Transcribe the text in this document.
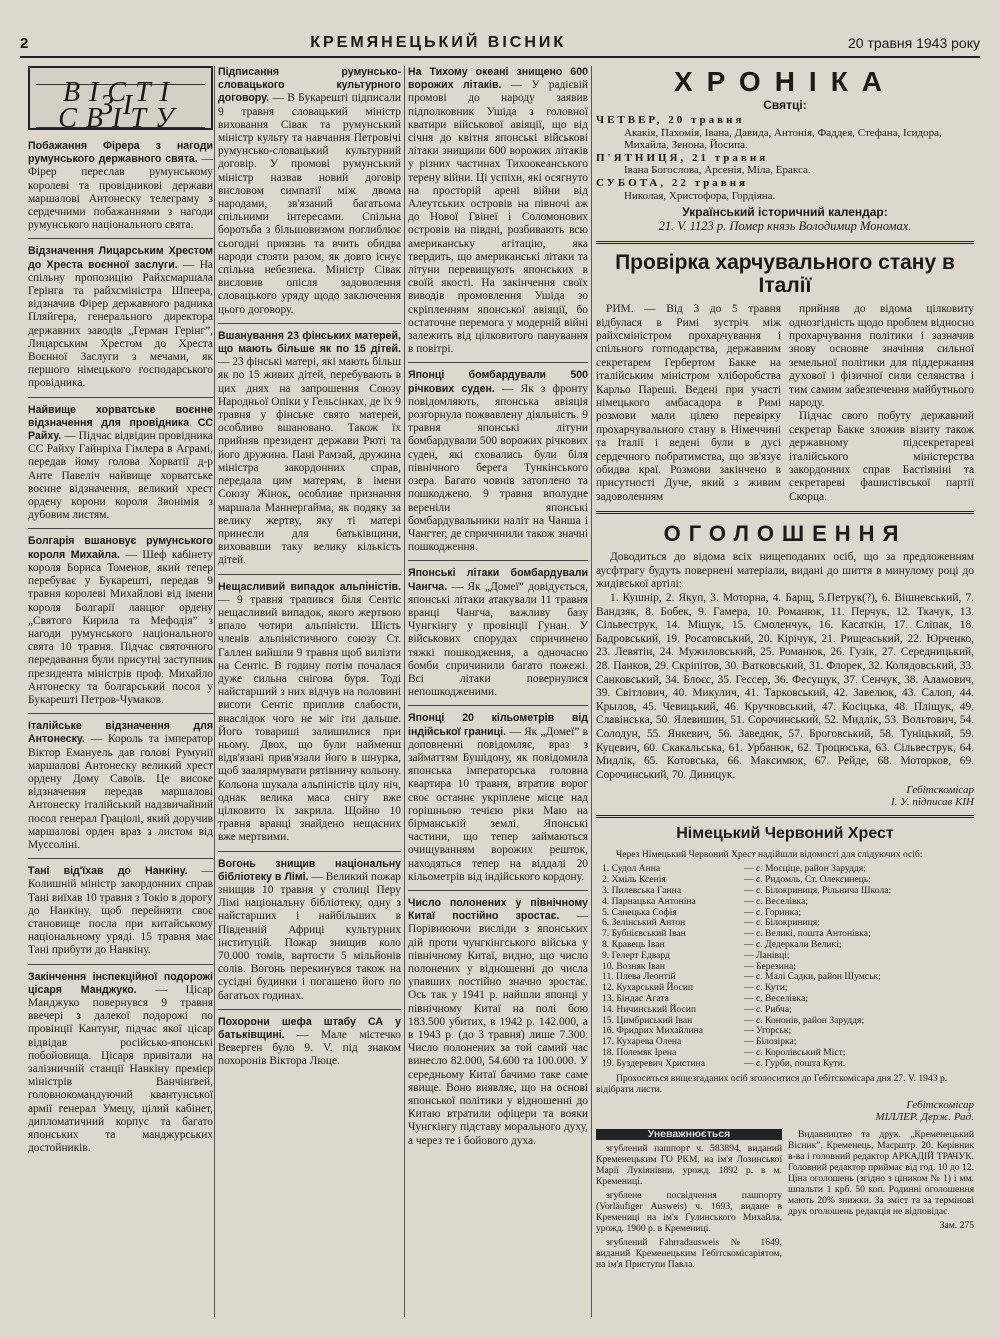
2	КРЕМЯНЕЦЬКИЙ ВІСНИК	20 травня 1943 року
ВІСТІ ЗІ СВІТУ
Побажання Фірера з нагоди румунського державного свята. — Фірер переслав румунському королеві та провідникові держави маршалові Антонеску телеграму з сердечними побажаннями з нагоди румунського національного свята.
Відзначення Лицарським Хрестом до Хреста воєнної заслуги. — На спільну пропозицію Райхсмаршала Герінга та райхсміністра Шпеера, відзначив Фірер державного радника Пляйгера, генерального директора державних заводів „Герман Герінг”, Лицарським Хрестом до Хреста Воєнної Заслуги з мечами, як першого німецького господарського провідника.
Найвище хорватське воєнне відзначення для провідника СС Райху. — Підчас відвідин провідника СС Райху Гайнріха Гімлера в Аграмі, передав йому голова Хорватії д-р Анте Павеліч найвище хорватське воєнне відзначення, великий хрест ордену корони короля Звонімія з дубовим листям.
Болгарія вшановує румунського короля Михайла. — Шеф кабінету короля Бориса Томенов, який тепер перебуває у Букарешті, передав 9 травня королеві Михайлові від імени короля Болгарії ланцюг ордену „Святого Кирила та Мефодія” з нагоди румунського національного свята 10 травня. Підчас святочного передавання були присутні заступник президента міністрів проф. Михайло Антонеску та болгарський посол у Букарешті Петров-Чумаков.
Італійське відзначення для Антонеску. — Король та імператор Віктор Емануель дав голові Румунії маршалові Антонеску великий хрест ордену Дому Савоїв. Це високе відзначення передав маршалові Антонеску італійський надзвичайний посол генерал Граціолі, який доручив маршалові орден враз з листом від Муссоліні.
Тані від'їхав до Нанкіну. — Колишній міністр закордонних справ Тані виїхав 10 травня з Токіо в дорогу до Нанкіну, щоб перейняти своє становище посла при китайському національному уряді. 15 травня має Тані прибути до Нанкіну.
Закінчення інспекційної подорожі цісаря Манджуко. — Цісар Манджуко повернувся 9 травня ввечері з далекої подорожі по провінції Кантунг, підчас якої цісар відвідав російсько-японські побойовища. Цісаря привітали на залізничній станції Нанкіну премієр міністрів Ванчінґвей, головнокомандуючий квантунської армії генерал Умецу, цілий кабінет, дипломатичний корпус та багато японських та манджурських достойників.
Підписання румунсько-словацького культурного договору. — В Букарешті підписали 9 травня словацький міністр виховання Сівак та румунський міністр культу та навчання Петровічі румунсько-словацький культурний договір. У промові румунський міністр назвав новий договір висловом симпатії між двома народами, зв'язаний багатьома спільними інтересами. Спільна боротьба з більшовизмом поглиблює сьогодні приязнь та вчить обидва народи стояти разом, як довго існує спільна небезпека. Міністр Сівак висловив опісля задоволення словацького уряду щодо заключення цього договору.
Вшанування 23 фінських матерей, що мають більше як по 15 дітей. — 23 фінські матері, які мають більш як по 15 живих дітей, перебувають в цих днях на запрошення Союзу Народньої Опіки у Гельсінках, де їх 9 травня у фінське свято матерей, особливо вшановано. Також їх прийняв президент держави Рюті та його дружина. Пані Рамзай, дружина міністра закордонних справ, передала цим матерям, в імени Союзу Жінок, особливе признання маршала Маннергайма, як подяку за велику жертву, яку ті матері принесли для батьківщини, виховавши таку велику кількість дітей.
Нещасливий випадок альпіністів. — 9 травня трапився біля Сентіс нещасливий випадок, якого жертвою впало чотири альпіністи. Шість членів альпіністичного союзу Ст. Галлен вийшли 9 травня щоб вилізти на Сентіс. В годину потім почалася дуже сильна снігова буря. Тоді найстарший з них відчув на половині висоти Сентіс приплив слабости, внаслідок чого не міг іти дальше. Його товариші залишилися при ньому. Двох, що були найменш відв'язані прив'язали його в шнурка, щоб заалярмувати рятівничу кольону. Кольона шукала альпіністів цілу ніч, однак велика маса снігу вже цілковито їх закрила. Щойно 10 травня вранці знайдено нещасних вже мертвими.
Вогонь знищив національну бібліотеку в Лімі. — Великий пожар знищив 10 травня у столиці Перу Лімі національну бібліотеку, одну з найстарших і найбільших в Південній Африці культурних інституцій. Пожар знищив коло 70.000 томів, вартости 5 мільйонів солів. Вогонь перекинувся також на сусідні будинки і погашено його по багатьох годинах.
Похорони шефа штабу СА у батьківщині. — Мале містечко Веверген було 9. V. під знаком похоронів Віктора Люце.
На Тихому океані знищено 600 ворожих літаків. — У радієвій промові до народу заявив підполковник Ушіда з головної кватири військової авіяції, що від січня до квітня японські військові літаки знищили 600 ворожих літаків у різних частинах Тихоокеанського терену війни. Ці успіхи, які осягнуто на просторій арені війни від Алеутських островів на півночі аж до Нової Гвінеї і Соломонових островів на півдні, розбивають всю американську агітацію, яка твердить, що американські літаки та літуни перевищують японських в своїй якості. На закінчення своїх виводів промовлення Ушіда зо скріпленням японської авіяції, бо остаточне перемога у модерній війні залежить від цілковитого панування в повітрі.
Японці бомбардували 500 річкових суден. — Як з фронту повідомляють, японська авіяція розгорнула пожвавлену діяльність. 9 травня японські літуни бомбардували 500 ворожих річкових суден, які сховались були біля північного берега Тункінського озера. Багато човнів затоплено та пошкоджено. 9 травня вполудне вереніли японські бомбардувальники наліт на Чанша і Чангтег, де спричинили також значні пошкодження.
Японські літаки бомбардували Чангча. — Як „Домеї” довідується, японські літаки атакували 11 травня вранці Чангча, важливу базу Чунгкінгу у провінції Гунан. У військових спорудах спричинено тяжкі пошкодження, а одночасно бомби спричинили багато пожежі. Всі літаки повернулися непошкодженими.
Японці 20 кільометрів від індійської границі. — Як „Домеї” в доповненні повідомляє, враз з займаттям Бушідону, як повідомила японська імператорська головна квартира 10 травня, втратив ворог своє останнє укріплене місце над горішньою течією ріки Маю на бірманській землі. Японські частини, що тепер займаються очищуванням ворожих решток, находяться тепер на віддалі 20 кільометрів від індійського кордону.
Число полонених у північному Китаї постійно зростає. — Порівнюючи висліди з японських дій проти чунгкінгського війська у північному Китаї, видно, що число полонених у відношенні до числа упавших постійно значно зростає. Ось так у 1941 р. найшли японці у північному Китаї на полі бою 183.500 убитих, в 1942 р. 142.000, а в 1943 р. (до 3 травня) лише 7.300. Число полонених за той самий час винесло 82.000, 54.600 та 100.000. У середньому Китаї бачимо таке саме явище. Воно виявляє, що на основі японської політики у відношенні до Китаю втратили офіцери та вояки Чунгкінгу підставу морального духу, а через те і бойового духа.
ХРОНІКА
Святці:
ЧЕТВЕР, 20 травня
Акакія, Пахомія, Івана, Давида, Антонія, Фаддея, Стефана, Ісидора, Михайла, Зенона, Йосипа.
П'ЯТНИЦЯ, 21 травня
Івана Богослова, Арсенія, Міла, Еракса.
СУБОТА, 22 травня
Николая, Христофора, Гордіяна.
Український історичний календар:
21. V. 1123 р. Помер князь Володимир Мономах.
Провірка харчувального стану в Італії

РИМ. — Від 3 до 5 травня відбулася в Римі зустріч між райхсміністром прохарчування і спільного готподарства, державним секретарем Гербертом Бакке на італійським міністром хліборобства Карльо Пареші. Ведені при участі німецького амбасадора в Римі розмови мали цілею перевірку прохарчувального стану в Німеччині та Італії і ведені були в дусі сердечного побратимства, що зв'язує обидва краї. Розмови закінчено в присутності Дуче, який з живим задоволенням

прийняв до відома цілковиту однозгідність щодо проблем відносно прохарчування політики і зазначив знову основне значіння сильної земельної політики для піддержання духової і фізичної сили селянства і тим самим забезпечення майбутнього народу.

Підчас свого побуту державний секретар Бакке зложив візиту також державному підсекретареві італійського міністерства закордонних справ Бастіяніні та секретареві фашистівської партії Скорца.

ОГОЛОШЕННЯ

Доводиться до відома всіх нищеподаних осіб, що за предложенням аусфтрагу будуть повернені матеріали, видані до шиття в минулому році до жидівської артілі:

1. Кушнір, 2. Якуп, 3. Моторна, 4. Барщ, 5.Петрук(?), 6. Вішневський, 7. Вандзяк, 8. Бобек, 9. Гамера, 10. Романюк, 11. Перчук, 12. Ткачук, 13. Сільвеструк, 14. Міщук, 15. Смоленчук, 16. Касаткін, 17. Сліпак, 18. Бадровський, 19. Росатовський, 20. Кірічук, 21. Рищеаський, 22. Юрченко, 23. Левятін, 24. Мужиловський, 25. Романюк, 26. Гузік, 27. Середницький, 28. Панков, 29. Скріпітов, 30. Ватковський, 31. Флорек, 32. Колядовський, 33. Санковський, 34. Блоєс, 35. Гессер, 36. Фесущук, 37. Сенчук, 38. Аламович, 39. Світлович, 40. Микулич, 41. Тарковський, 42. Завелюк, 43. Салоп, 44. Крылов, 45. Чевицький, 46. Кручковський, 47. Косіцька, 48. Пліщук, 49. Славінська, 50. Ялевишин, 51. Сорочинський, 52. Мидлік, 53. Вольтович, 54. Солодун, 55. Янкевич, 56. Заведюк, 57. Броговський, 58. Туніцький, 59. Куцевич, 60. Скакальська, 61. Урбанюк, 62. Троцюська, 63. Сільвеструк, 64. Мидлік, 65. Котовська, 66. Максимюк, 67. Рейде, 68. Моторков, 69. Сорочинський, 70. Диницук.

Гебітскомісар
І. У. підписав КІН
Німецький Червоний Хрест
Через Німецький Червоний Хрест надійшли відомості для слідуючих осіб:
1. Судол Анна	— с. Мосціце, район Заруддя;
2. Хміль Ксенія	— с. Ридомль, Ст. Олексинець;
3. Пилевська Ганна	— с. Білокриниця, Рільнича Школа;
4. Парнацька Антоніна	— с. Веселівка;
5. Санецька Софія	— с. Горинка;
6. Зелінський Антон	— с. Білокриниця;
7. Бубнієвський Іван	— с. Великі, пошта Антонівка;
8. Кравець Іван	— с. Дедеркали Великі;
9. Гелерт Едвард	— Ланівці;
10. Возняк Іван	— Березина;
11. Плева Леонтій	— с. Малі Садки, район Шумськ;
12. Кухарський Йосип	— с. Кути;
13. Біндас Агата	— с. Веселівка;
14. Ничинський Йосип	— с. Рибча;
15. Цимбриський Іван	— с. Кононів, район Заруддя;
16. Фридрих Михайлина	— Угорськ;
17. Кухарева Олена	— Білозірка;
18. Полемяк Ірена	— с. Королівський Міст;
19. Буздеревич Христина	— с. Гурби, пошта Кути.
Прохоситься вищезгаданих осіб зголоситися до Гебітскомісара дня 27. V. 1943 р. відібрати листи.
Гебітскомісар
МІЛЛЕР. Держ. Рад.
Уневажнюється

згублений пашпорт ч. 583894, виданий Кременецьким ГО РКМ, на ім'я Лозинської Марії Лукіянівни, урожд. 1892 р. в м. Кремениці.

згублене посвідчення пашпорту (Vorläufiger Ausweis) ч. 1693, видане в Кремениці на ім'я Гулинського Михайла, урожд. 1900 р. в Кремениці.

згублений Fahrradausweis № 1649, виданий Кременецьким Гебітскомісаріятом, на ім'я Приступи Павла.

Видавництво та друк. „Кременецький Вісник”, Кременець, Маєрштр. 20. Керівник в-ва і головний редактор АРКАДІЙ ТРАЧУК. Головний редактор приймає від год. 10 до 12. Ціна оголошень (згідно з ціником № 1) і мм. шпальти 1 крб. 50 коп. Родинні оголошення мають 20% знижки. За зміст та за термінові друк оголошень редакція не відповідає.

Зам. 275
